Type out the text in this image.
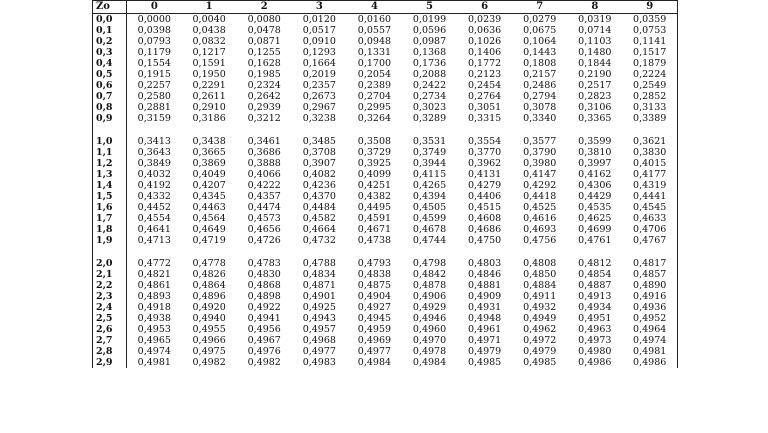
Zo	0	1	2	3	4	5	6	7	8	9
0,0	0,0000	0,0040	0,0080	0,0120	0,0160	0,0199	0,0239	0,0279	0,0319	0,0359
0,1	0,0398	0,0438	0,0478	0,0517	0,0557	0,0596	0,0636	0,0675	0,0714	0,0753
0,2	0,0793	0,0832	0,0871	0,0910	0,0948	0,0987	0,1026	0,1064	0,1103	0,1141
0,3	0,1179	0,1217	0,1255	0,1293	0,1331	0,1368	0,1406	0,1443	0,1480	0,1517
0,4	0,1554	0,1591	0,1628	0,1664	0,1700	0,1736	0,1772	0,1808	0,1844	0,1879
0,5	0,1915	0,1950	0,1985	0,2019	0,2054	0,2088	0,2123	0,2157	0,2190	0,2224
0,6	0,2257	0,2291	0,2324	0,2357	0,2389	0,2422	0,2454	0,2486	0,2517	0,2549
0,7	0,2580	0,2611	0,2642	0,2673	0,2704	0,2734	0,2764	0,2794	0,2823	0,2852
0,8	0,2881	0,2910	0,2939	0,2967	0,2995	0,3023	0,3051	0,3078	0,3106	0,3133
0,9	0,3159	0,3186	0,3212	0,3238	0,3264	0,3289	0,3315	0,3340	0,3365	0,3389

1,0	0,3413	0,3438	0,3461	0,3485	0,3508	0,3531	0,3554	0,3577	0,3599	0,3621
1,1	0,3643	0,3665	0,3686	0,3708	0,3729	0,3749	0,3770	0,3790	0,3810	0,3830
1,2	0,3849	0,3869	0,3888	0,3907	0,3925	0,3944	0,3962	0,3980	0,3997	0,4015
1,3	0,4032	0,4049	0,4066	0,4082	0,4099	0,4115	0,4131	0,4147	0,4162	0,4177
1,4	0,4192	0,4207	0,4222	0,4236	0,4251	0,4265	0,4279	0,4292	0,4306	0,4319
1,5	0,4332	0,4345	0,4357	0,4370	0,4382	0,4394	0,4406	0,4418	0,4429	0,4441
1,6	0,4452	0,4463	0,4474	0,4484	0,4495	0,4505	0,4515	0,4525	0,4535	0,4545
1,7	0,4554	0,4564	0,4573	0,4582	0,4591	0,4599	0,4608	0,4616	0,4625	0,4633
1,8	0,4641	0,4649	0,4656	0,4664	0,4671	0,4678	0,4686	0,4693	0,4699	0,4706
1,9	0,4713	0,4719	0,4726	0,4732	0,4738	0,4744	0,4750	0,4756	0,4761	0,4767

2,0	0,4772	0,4778	0,4783	0,4788	0,4793	0,4798	0,4803	0,4808	0,4812	0,4817
2,1	0,4821	0,4826	0,4830	0,4834	0,4838	0,4842	0,4846	0,4850	0,4854	0,4857
2,2	0,4861	0,4864	0,4868	0,4871	0,4875	0,4878	0,4881	0,4884	0,4887	0,4890
2,3	0,4893	0,4896	0,4898	0,4901	0,4904	0,4906	0,4909	0,4911	0,4913	0,4916
2,4	0,4918	0,4920	0,4922	0,4925	0,4927	0,4929	0,4931	0,4932	0,4934	0,4936
2,5	0,4938	0,4940	0,4941	0,4943	0,4945	0,4946	0,4948	0,4949	0,4951	0,4952
2,6	0,4953	0,4955	0,4956	0,4957	0,4959	0,4960	0,4961	0,4962	0,4963	0,4964
2,7	0,4965	0,4966	0,4967	0,4968	0,4969	0,4970	0,4971	0,4972	0,4973	0,4974
2,8	0,4974	0,4975	0,4976	0,4977	0,4977	0,4978	0,4979	0,4979	0,4980	0,4981
2,9	0,4981	0,4982	0,4982	0,4983	0,4984	0,4984	0,4985	0,4985	0,4986	0,4986
